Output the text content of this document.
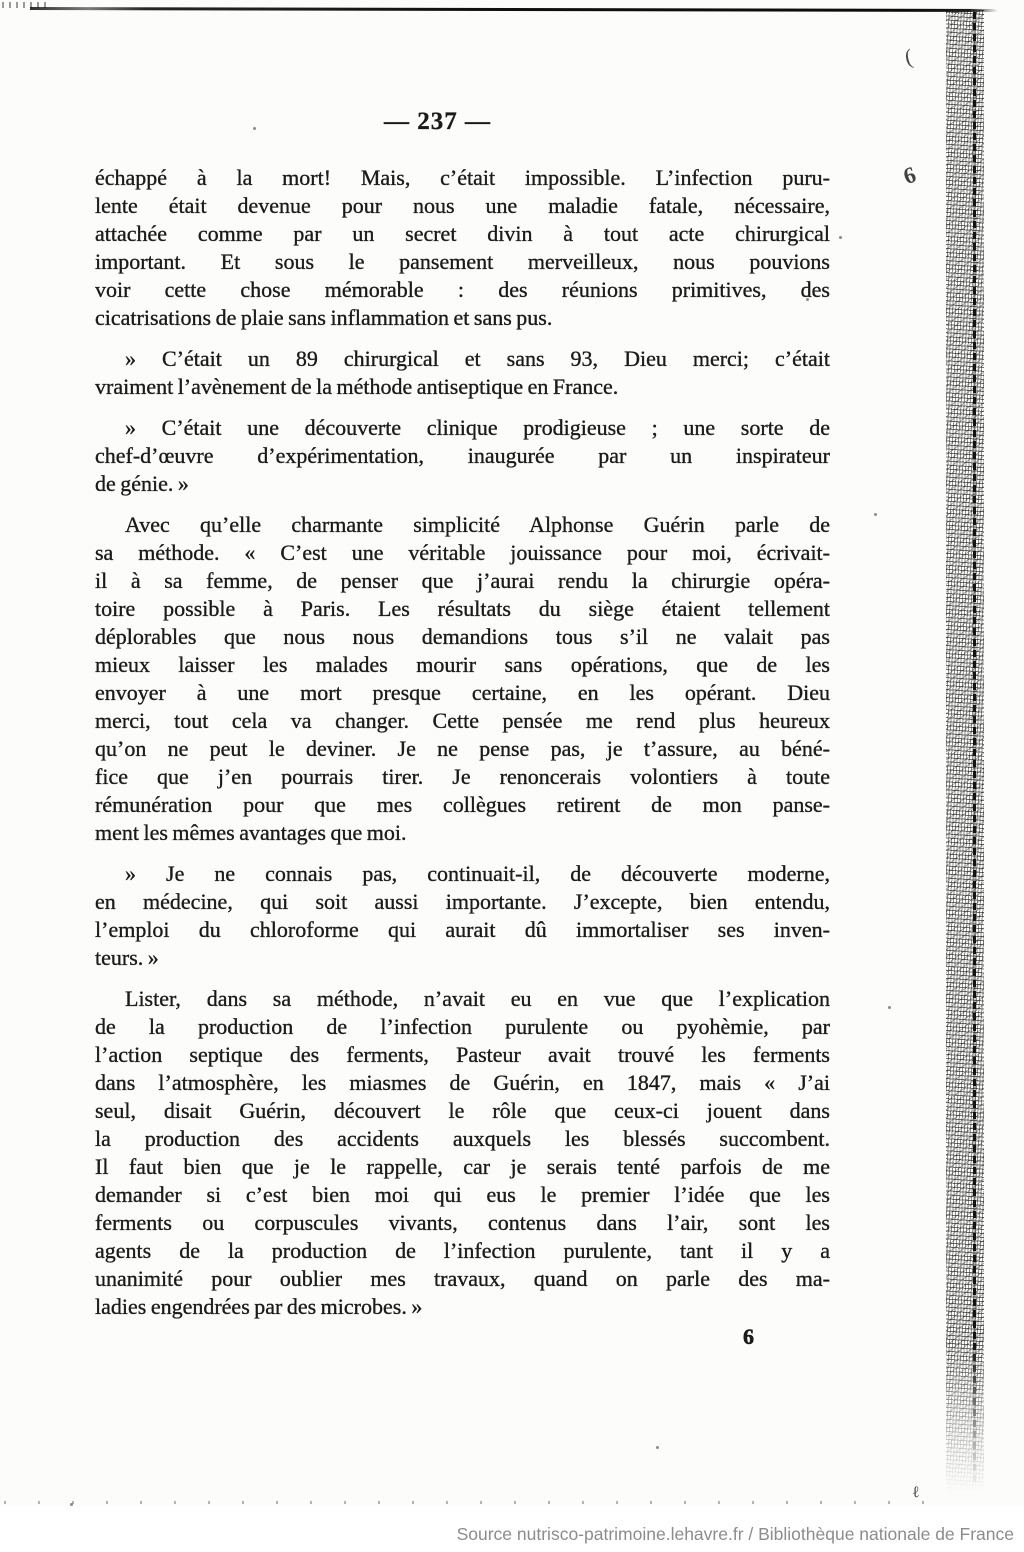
(
6
ℓ
— 237 —
échappé à la mort! Mais, c’était impossible. L’infection puru-
lente était devenue pour nous une maladie fatale, nécessaire,
attachée comme par un secret divin à tout acte chirurgical
important. Et sous le pansement merveilleux, nous pouvions
voir cette chose mémorable : des réunions primitives, des
cicatrisations de plaie sans inflammation et sans pus.
» C’était un 89 chirurgical et sans 93, Dieu merci; c’était
vraiment l’avènement de la méthode antiseptique en France.
» C’était une découverte clinique prodigieuse ; une sorte de
chef-d’œuvre d’expérimentation, inaugurée par un inspirateur
de génie. »
Avec qu’elle charmante simplicité Alphonse Guérin parle de
sa méthode. « C’est une véritable jouissance pour moi, écrivait-
il à sa femme, de penser que j’aurai rendu la chirurgie opéra-
toire possible à Paris. Les résultats du siège étaient tellement
déplorables que nous nous demandions tous s’il ne valait pas
mieux laisser les malades mourir sans opérations, que de les
envoyer à une mort presque certaine, en les opérant. Dieu
merci, tout cela va changer. Cette pensée me rend plus heureux
qu’on ne peut le deviner. Je ne pense pas, je t’assure, au béné-
fice que j’en pourrais tirer. Je renoncerais volontiers à toute
rémunération pour que mes collègues retirent de mon panse-
ment les mêmes avantages que moi.
» Je ne connais pas, continuait-il, de découverte moderne,
en médecine, qui soit aussi importante. J’excepte, bien entendu,
l’emploi du chloroforme qui aurait dû immortaliser ses inven-
teurs. »
Lister, dans sa méthode, n’avait eu en vue que l’explication
de la production de l’infection purulente ou pyohèmie, par
l’action septique des ferments, Pasteur avait trouvé les ferments
dans l’atmosphère, les miasmes de Guérin, en 1847, mais « J’ai
seul, disait Guérin, découvert le rôle que ceux-ci jouent dans
la production des accidents auxquels les blessés succombent.
Il faut bien que je le rappelle, car je serais tenté parfois de me
demander si c’est bien moi qui eus le premier l’idée que les
ferments ou corpuscules vivants, contenus dans l’air, sont les
agents de la production de l’infection purulente, tant il y a
unanimité pour oublier mes travaux, quand on parle des ma-
ladies engendrées par des microbes. »
6
Source nutrisco-patrimoine.lehavre.fr / Bibliothèque nationale de France
